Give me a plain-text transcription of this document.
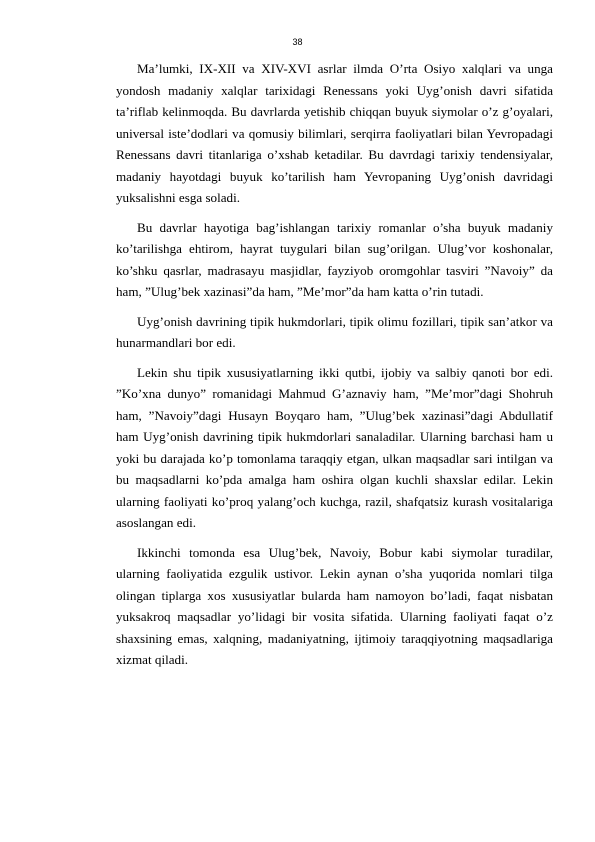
38

Ma’lumki, IX-XII va XIV-XVI asrlar ilmda O’rta Osiyo xalqlari va unga yondosh madaniy xalqlar tarixidagi Renessans yoki Uyg’onish davri sifatida ta’riflab kelinmoqda. Bu davrlarda yetishib chiqqan buyuk siymolar o’z g’oyalari, universal iste’dodlari va qomusiy bilimlari, serqirra faoliyatlari bilan Yevropadagi Renessans davri titanlariga o’xshab ketadilar. Bu davrdagi tarixiy tendensiyalar, madaniy hayotdagi buyuk ko’tarilish ham Yevropaning Uyg’onish davridagi yuksalishni esga soladi.

Bu davrlar hayotiga bag’ishlangan tarixiy romanlar o’sha buyuk madaniy ko’tarilishga ehtirom, hayrat tuygulari bilan sug’orilgan. Ulug’vor koshonalar, ko’shku qasrlar, madrasayu masjidlar, fayziyob oromgohlar tasviri ”Navoiy” da ham, ”Ulug’bek xazinasi”da ham, ”Me’mor”da ham katta o’rin tutadi.

Uyg’onish davrining tipik hukmdorlari, tipik olimu fozillari, tipik san’atkor va hunarmandlari bor edi.

Lekin shu tipik xususiyatlarning ikki qutbi, ijobiy va salbiy qanoti bor edi. ”Ko’xna dunyo” romanidagi Mahmud G’aznaviy ham, ”Me’mor”dagi Shohruh ham, ”Navoiy”dagi Husayn Boyqaro ham, ”Ulug’bek xazinasi”dagi Abdullatif ham Uyg’onish davrining tipik hukmdorlari sanaladilar. Ularning barchasi ham u yoki bu darajada ko’p tomonlama taraqqiy etgan, ulkan maqsadlar sari intilgan va bu maqsadlarni ko’pda amalga ham oshira olgan kuchli shaxslar edilar. Lekin ularning faoliyati ko’proq yalang’och kuchga, razil, shafqatsiz kurash vositalariga asoslangan edi.

Ikkinchi tomonda esa Ulug’bek, Navoiy, Bobur kabi siymolar turadilar, ularning faoliyatida ezgulik ustivor. Lekin aynan o’sha yuqorida nomlari tilga olingan tiplarga xos xususiyatlar bularda ham namoyon bo’ladi, faqat nisbatan yuksakroq maqsadlar yo’lidagi bir vosita sifatida. Ularning faoliyati faqat o’z shaxsining emas, xalqning, madaniyatning, ijtimoiy taraqqiyotning maqsadlariga xizmat qiladi.
